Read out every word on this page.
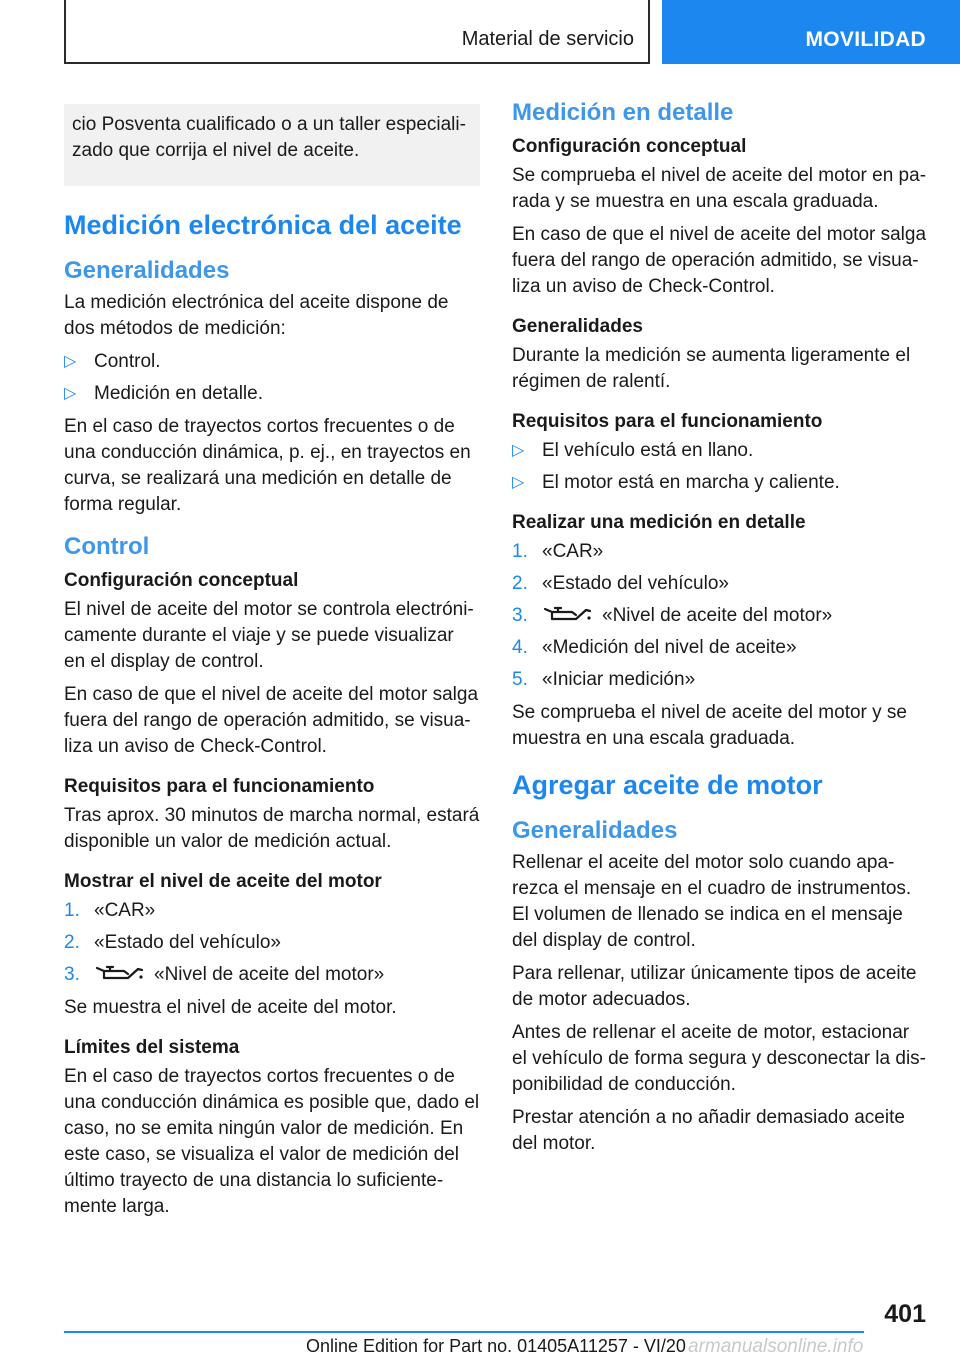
Material de servicio	MOVILIDAD
cio Posventa cualificado o a un taller especiali-zado que corrija el nivel de aceite.
Medición electrónica del aceite
Generalidades

La medición electrónica del aceite dispone de dos métodos de medición:

▷ Control.
▷ Medición en detalle.

En el caso de trayectos cortos frecuentes o de una conducción dinámica, p. ej., en trayectos en curva, se realizará una medición en detalle de forma regular.

Control
Configuración conceptual

El nivel de aceite del motor se controla electróni-camente durante el viaje y se puede visualizar en el display de control.

En caso de que el nivel de aceite del motor salga fuera del rango de operación admitido, se visua-liza un aviso de Check-Control.

Requisitos para el funcionamiento

Tras aprox. 30 minutos de marcha normal, estará disponible un valor de medición actual.

Mostrar el nivel de aceite del motor
1. «CAR»
2. «Estado del vehículo»
3.	«Nivel de aceite del motor»

Se muestra el nivel de aceite del motor.

Límites del sistema

En el caso de trayectos cortos frecuentes o de una conducción dinámica es posible que, dado el caso, no se emita ningún valor de medición. En este caso, se visualiza el valor de medición del último trayecto de una distancia lo suficiente-mente larga.

Medición en detalle
Configuración conceptual

Se comprueba el nivel de aceite del motor en pa-rada y se muestra en una escala graduada.

En caso de que el nivel de aceite del motor salga fuera del rango de operación admitido, se visua-liza un aviso de Check-Control.

Generalidades

Durante la medición se aumenta ligeramente el régimen de ralentí.

Requisitos para el funcionamiento
▷ El vehículo está en llano.
▷ El motor está en marcha y caliente.
Realizar una medición en detalle
1. «CAR»
2. «Estado del vehículo»
3.	«Nivel de aceite del motor»
4. «Medición del nivel de aceite»
5. «Iniciar medición»

Se comprueba el nivel de aceite del motor y se muestra en una escala graduada.

Agregar aceite de motor
Generalidades

Rellenar el aceite del motor solo cuando apa-rezca el mensaje en el cuadro de instrumentos. El volumen de llenado se indica en el mensaje del display de control.

Para rellenar, utilizar únicamente tipos de aceite de motor adecuados.

Antes de rellenar el aceite de motor, estacionar el vehículo de forma segura y desconectar la dis-ponibilidad de conducción.

Prestar atención a no añadir demasiado aceite del motor.

401
Online Edition for Part no. 01405A11257 - VI/20 armanualsonline.info
